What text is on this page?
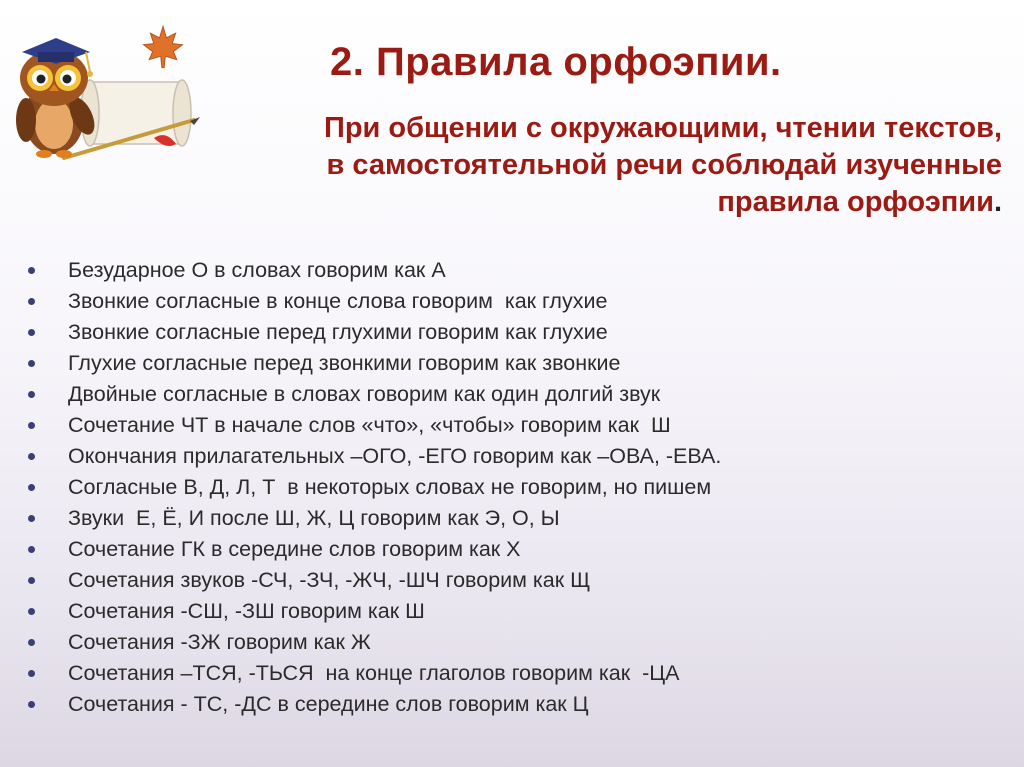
2. Правила орфоэпии.

При общении с окружающими, чтении текстов,
в самостоятельной речи соблюдай изученные
правила орфоэпии.

Безударное О в словах говорим как А
Звонкие согласные в конце слова говорим  как глухие
Звонкие согласные перед глухими говорим как глухие
Глухие согласные перед звонкими говорим как звонкие
Двойные согласные в словах говорим как один долгий звук
Сочетание ЧТ в начале слов «что», «чтобы» говорим как  Ш
Окончания прилагательных –ОГО, -ЕГО говорим как –ОВА, -ЕВА.
Согласные В, Д, Л, Т  в некоторых словах не говорим, но пишем
Звуки  Е, Ё, И после Ш, Ж, Ц говорим как Э, О, Ы
Сочетание ГК в середине слов говорим как Х
Сочетания звуков -СЧ, -ЗЧ, -ЖЧ, -ШЧ говорим как Щ
Сочетания -СШ, -ЗШ говорим как Ш
Сочетания -ЗЖ говорим как Ж
Сочетания –ТСЯ, -ТЬСЯ  на конце глаголов говорим как  -ЦА
Сочетания - ТС, -ДС в середине слов говорим как Ц
